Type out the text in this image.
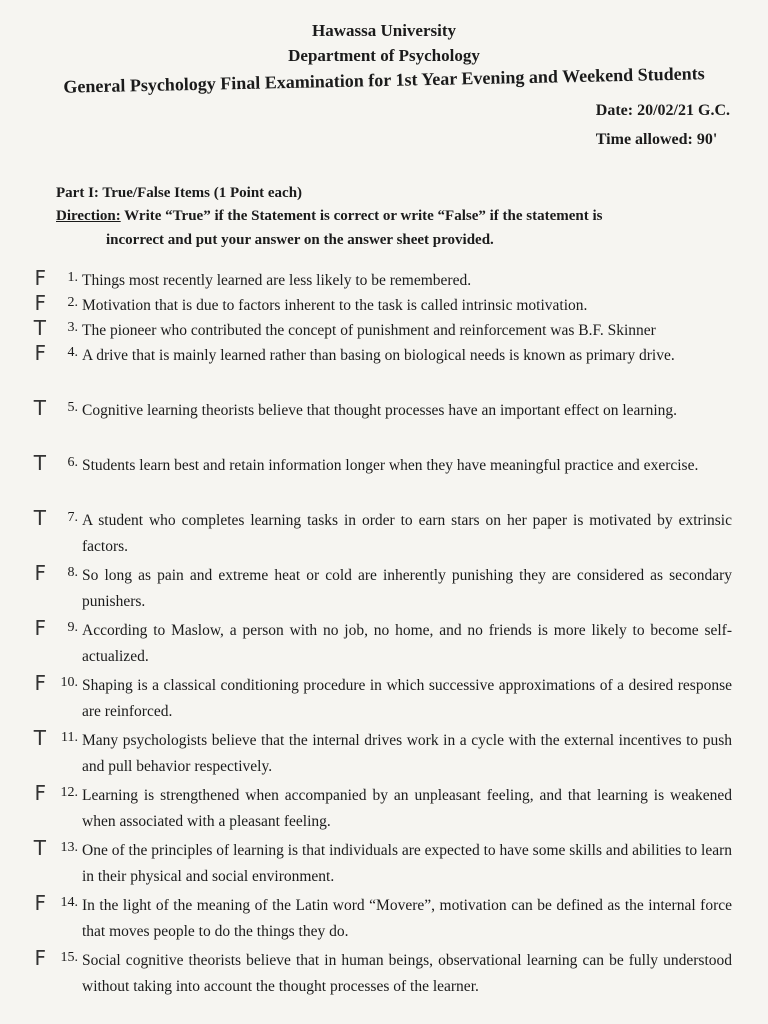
Hawassa University
Department of Psychology
General Psychology Final Examination for 1st Year Evening and Weekend Students
Date: 20/02/21 G.C.
Time allowed: 90'
Part I: True/False Items (1 Point each)
Direction: Write “True” if the Statement is correct or write “False” if the statement is
incorrect and put your answer on the answer sheet provided.
F	1. Things most recently learned are less likely to be remembered.
F	2. Motivation that is due to factors inherent to the task is called intrinsic motivation.
T	3. The pioneer who contributed the concept of punishment and reinforcement was B.F. Skinner
F	4. A drive that is mainly learned rather than basing on biological needs is known as primary drive.
T	5. Cognitive learning theorists believe that thought processes have an important effect on learning.
T	6. Students learn best and retain information longer when they have meaningful practice and exercise.
T	7. A student who completes learning tasks in order to earn stars on her paper is motivated by extrinsic factors.
F	8. So long as pain and extreme heat or cold are inherently punishing they are considered as secondary punishers.
F	9. According to Maslow, a person with no job, no home, and no friends is more likely to become self-actualized.
F	10. Shaping is a classical conditioning procedure in which successive approximations of a desired response are reinforced.
T	11. Many psychologists believe that the internal drives work in a cycle with the external incentives to push and pull behavior respectively.
F	12. Learning is strengthened when accompanied by an unpleasant feeling, and that learning is weakened when associated with a pleasant feeling.
T	13. One of the principles of learning is that individuals are expected to have some skills and abilities to learn in their physical and social environment.
F	14. In the light of the meaning of the Latin word “Movere”, motivation can be defined as the internal force that moves people to do the things they do.
F	15. Social cognitive theorists believe that in human beings, observational learning can be fully understood without taking into account the thought processes of the learner.
